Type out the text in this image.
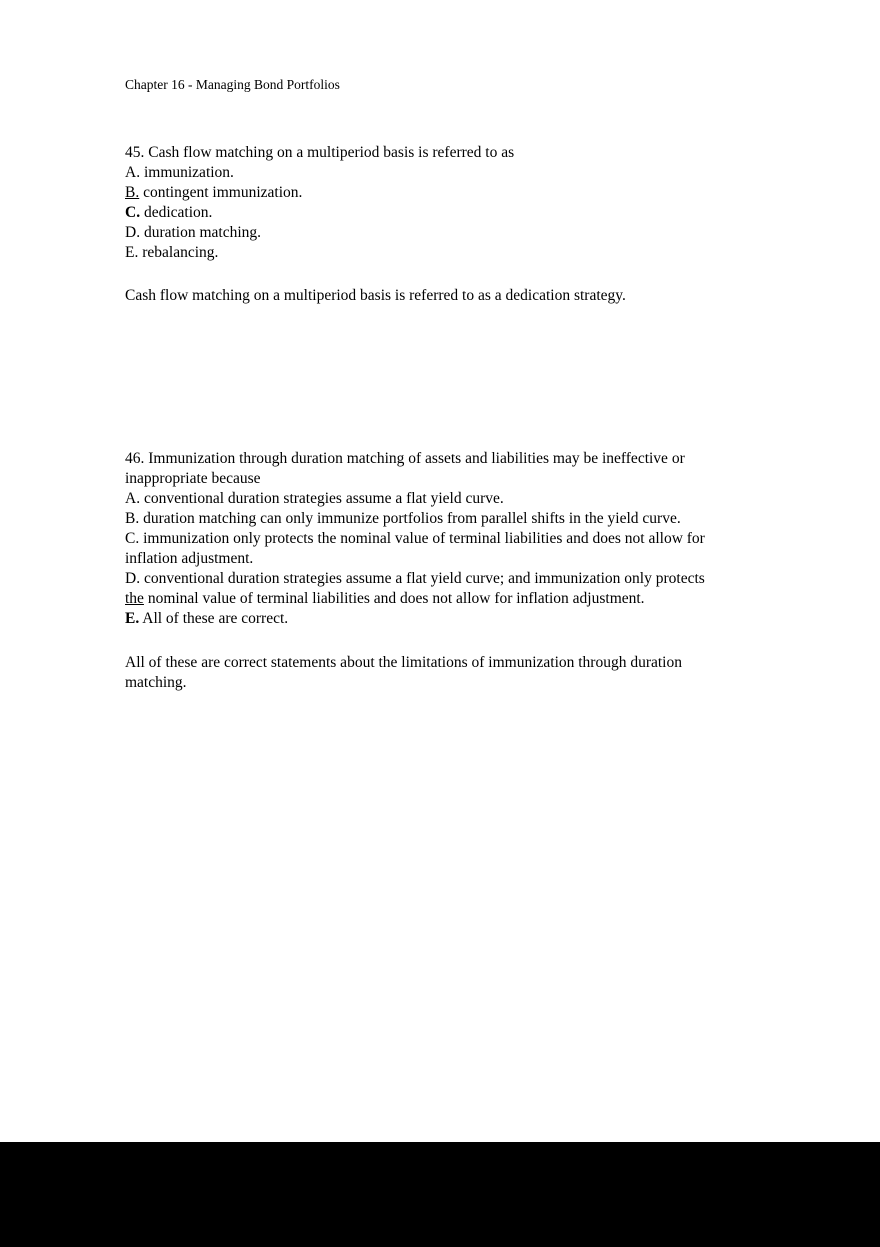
Chapter 16 - Managing Bond Portfolios
45. Cash flow matching on a multiperiod basis is referred to as
A. immunization.
B. contingent immunization.
C. dedication.
D. duration matching.
E. rebalancing.
Cash flow matching on a multiperiod basis is referred to as a dedication strategy.
46. Immunization through duration matching of assets and liabilities may be ineffective or
inappropriate because
A. conventional duration strategies assume a flat yield curve.
B. duration matching can only immunize portfolios from parallel shifts in the yield curve.
C. immunization only protects the nominal value of terminal liabilities and does not allow for
inflation adjustment.
D. conventional duration strategies assume a flat yield curve; and immunization only protects
the nominal value of terminal liabilities and does not allow for inflation adjustment.
E. All of these are correct.
All of these are correct statements about the limitations of immunization through duration
matching.
